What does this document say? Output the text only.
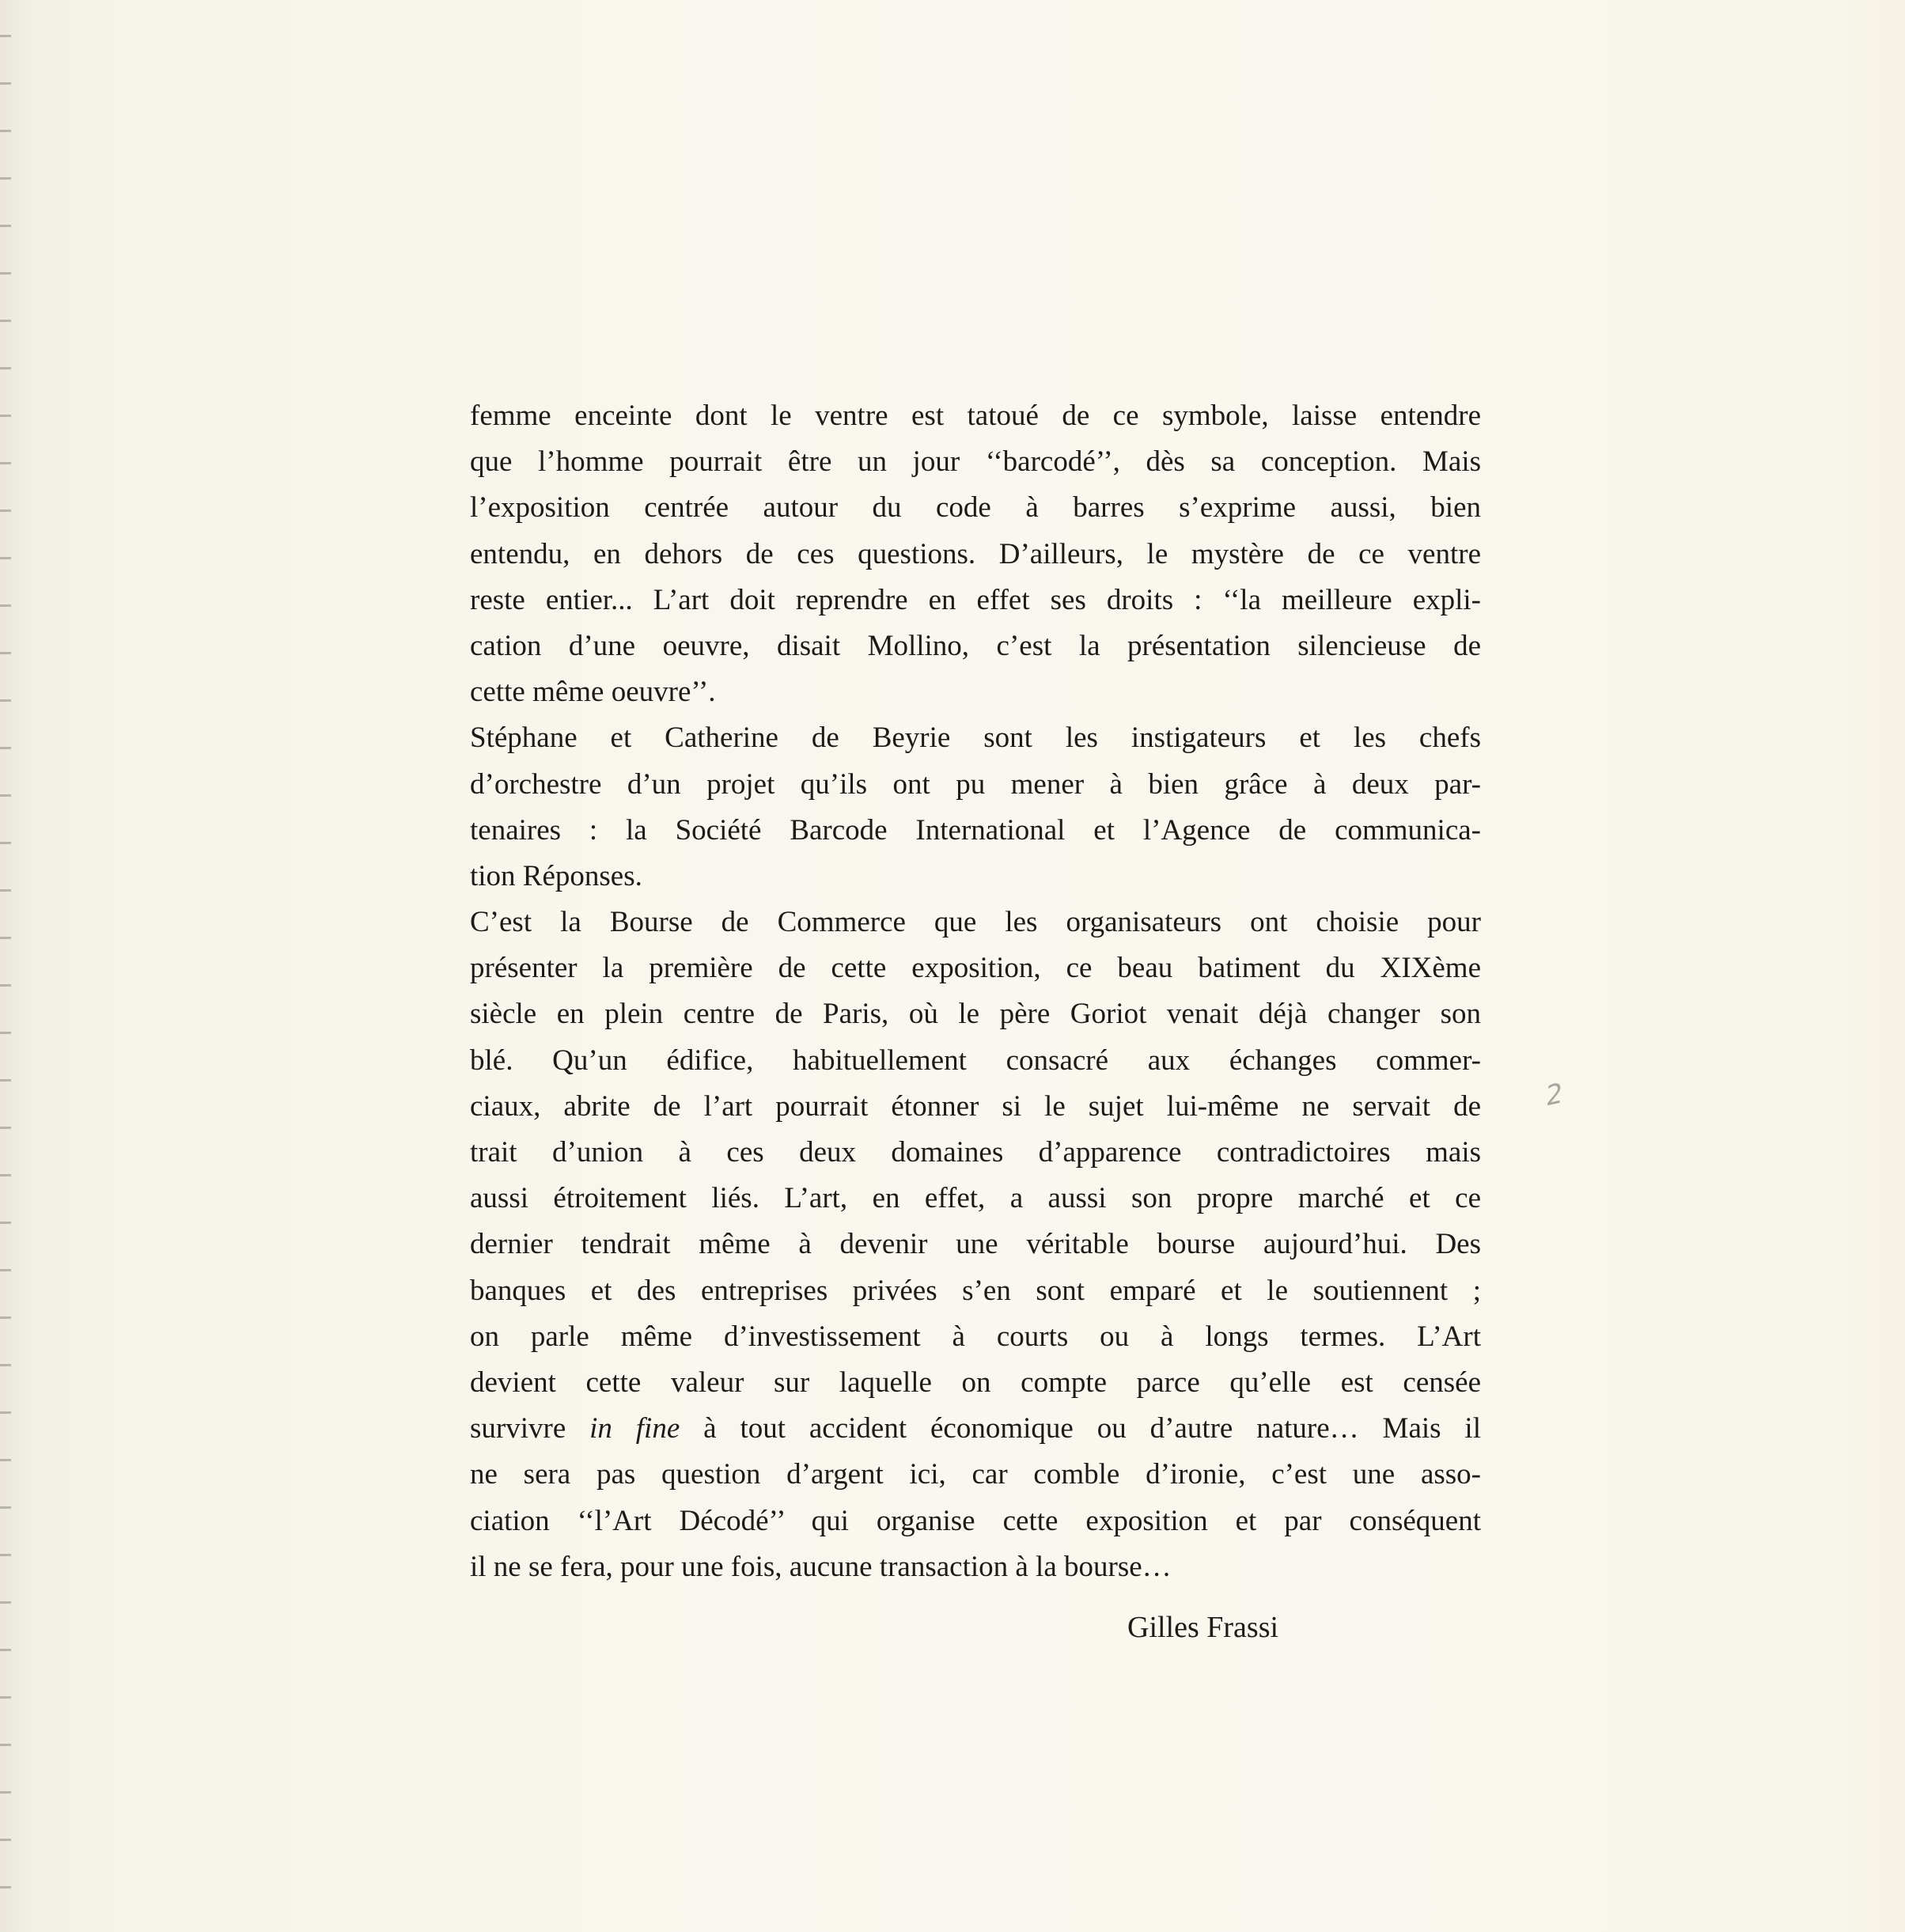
femme enceinte dont le ventre est tatoué de ce symbole, laisse entendre
que l’homme pourrait être un jour ‘‘barcodé’’, dès sa conception. Mais
l’exposition centrée autour du code à barres s’exprime aussi, bien
entendu, en dehors de ces questions. D’ailleurs, le mystère de ce ventre
reste entier... L’art doit reprendre en effet ses droits : ‘‘la meilleure expli-
cation d’une oeuvre, disait Mollino, c’est la présentation silencieuse de
cette même oeuvre’’.
Stéphane et Catherine de Beyrie sont les instigateurs et les chefs
d’orchestre d’un projet qu’ils ont pu mener à bien grâce à deux par-
tenaires : la Société Barcode International et l’Agence de communica-
tion Réponses.
C’est la Bourse de Commerce que les organisateurs ont choisie pour
présenter la première de cette exposition, ce beau batiment du XIXème
siècle en plein centre de Paris, où le père Goriot venait déjà changer son
blé. Qu’un édifice, habituellement consacré aux échanges commer-
ciaux, abrite de l’art pourrait étonner si le sujet lui-même ne servait de
trait d’union à ces deux domaines d’apparence contradictoires mais
aussi étroitement liés. L’art, en effet, a aussi son propre marché et ce
dernier tendrait même à devenir une véritable bourse aujourd’hui. Des
banques et des entreprises privées s’en sont emparé et le soutiennent ;
on parle même d’investissement à courts ou à longs termes. L’Art
devient cette valeur sur laquelle on compte parce qu’elle est censée
survivre in fine à tout accident économique ou d’autre nature… Mais il
ne sera pas question d’argent ici, car comble d’ironie, c’est une asso-
ciation ‘‘l’Art Décodé’’ qui organise cette exposition et par conséquent
il ne se fera, pour une fois, aucune transaction à la bourse…
Gilles Frassi
2
